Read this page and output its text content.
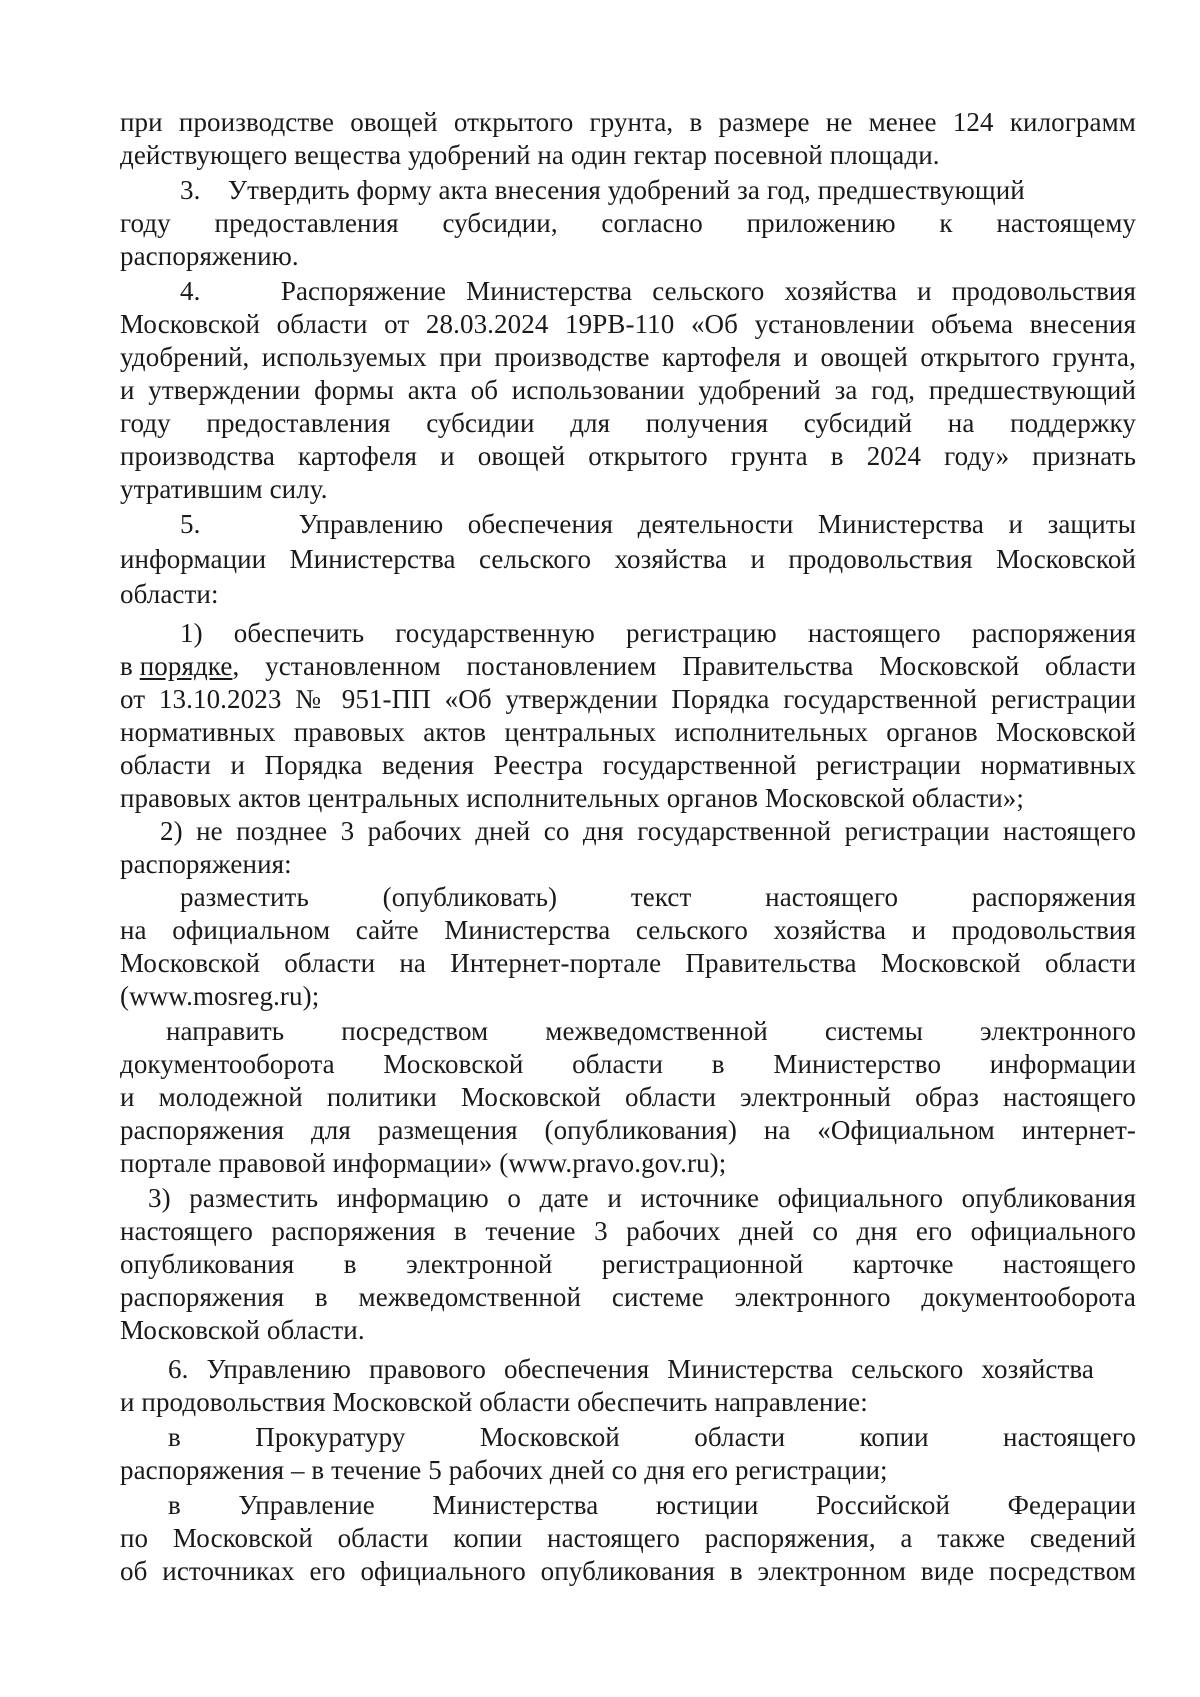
при производстве овощей открытого грунта, в размере не менее 124 килограмм
действующего вещества удобрений на один гектар посевной площади.
3.    Утвердить форму акта внесения удобрений за год, предшествующий
году предоставления субсидии, согласно приложению к настоящему
распоряжению.
4.    Распоряжение Министерства сельского хозяйства и продовольствия
Московской области от 28.03.2024 19РВ-110 «Об установлении объема внесения
удобрений, используемых при производстве картофеля и овощей открытого грунта,
и утверждении формы акта об использовании удобрений за год, предшествующий
году предоставления субсидии для получения субсидий на поддержку
производства картофеля и овощей открытого грунта в 2024 году» признать
утратившим силу.
5.    Управлению обеспечения деятельности Министерства и защиты
информации Министерства сельского хозяйства и продовольствия Московской
области:
1) обеспечить государственную регистрацию настоящего распоряжения
в порядке , установленном постановлением Правительства Московской области
от 13.10.2023 № 951-ПП «Об утверждении Порядка государственной регистрации
нормативных правовых актов центральных исполнительных органов Московской
области и Порядка ведения Реестра государственной регистрации нормативных
правовых актов центральных исполнительных органов Московской области»;
2) не позднее 3 рабочих дней со дня государственной регистрации настоящего
распоряжения:
разместить (опубликовать) текст настоящего распоряжения
на официальном сайте Министерства сельского хозяйства и продовольствия
Московской области на Интернет-портале Правительства Московской области
(www.mosreg.ru);
направить посредством межведомственной системы электронного
документооборота Московской области в Министерство информации
и молодежной политики Московской области электронный образ настоящего
распоряжения для размещения (опубликования) на «Официальном интернет-
портале правовой информации» (www.pravo.gov.ru);
3) разместить информацию о дате и источнике официального опубликования
настоящего распоряжения в течение 3 рабочих дней со дня его официального
опубликования в электронной регистрационной карточке настоящего
распоряжения в межведомственной системе электронного документооборота
Московской области.
6. Управлению правового обеспечения Министерства сельского хозяйства
и продовольствия Московской области обеспечить направление:
в Прокуратуру Московской области копии настоящего
распоряжения – в течение 5 рабочих дней со дня его регистрации;
в Управление Министерства юстиции Российской Федерации
по Московской области копии настоящего распоряжения, а также сведений
об источниках его официального опубликования в электронном виде посредством
